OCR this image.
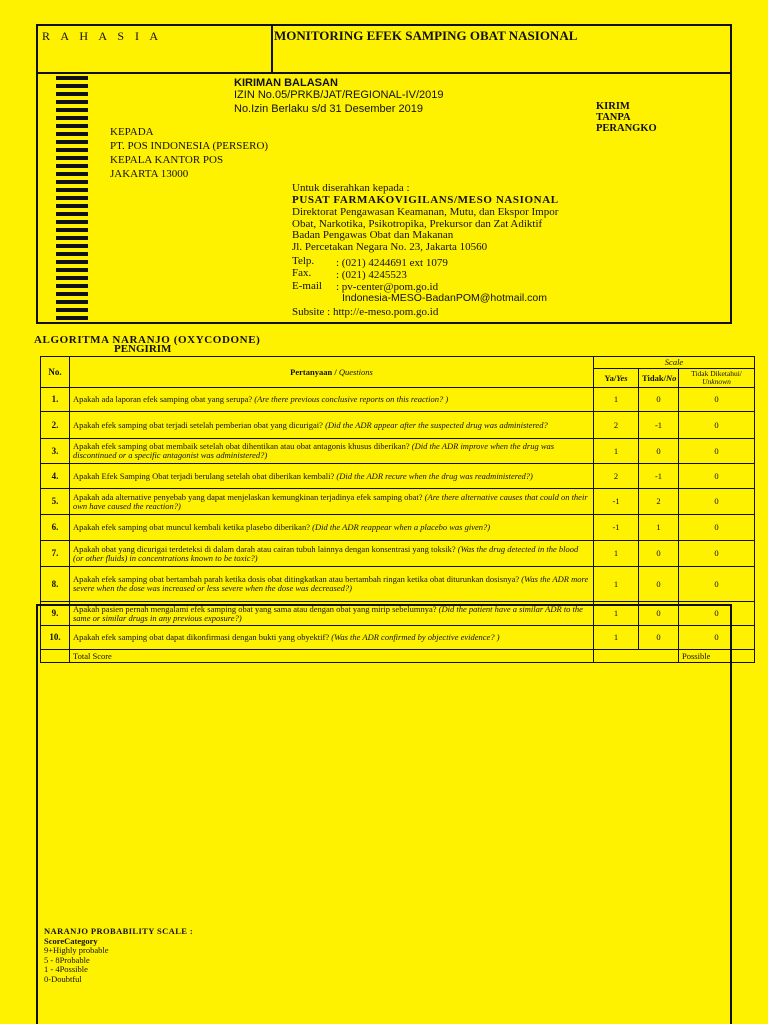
R A H A S I A	MONITORING EFEK SAMPING OBAT NASIONAL
KIRIMAN BALASAN
IZIN No.05/PRKB/JAT/REGIONAL-IV/2019
No.Izin Berlaku s/d 31 Desember 2019	KIRIM
TANPA
PERANGKO
KEPADA
PT. POS INDONESIA (PERSERO)
KEPALA KANTOR POS
JAKARTA 13000
Untuk diserahkan kepada :
PUSAT FARMAKOVIGILANS/MESO NASIONAL
Direktorat Pengawasan Keamanan, Mutu, dan Ekspor Impor
Obat, Narkotika, Psikotropika, Prekursor dan Zat Adiktif
Badan Pengawas Obat dan Makanan
Jl. Percetakan Negara No. 23, Jakarta 10560
Telp. : (021) 4244691 ext 1079
Fax. : (021) 4245523
E-mail : pv-center@pom.go.id
Indonesia-MESO-BadanPOM@hotmail.com
Subsite : http://e-meso.pom.go.id
ALGORITMA NARANJO (OXYCODONE)
PENGIRIM
No.	Pertanyaan / Questions	Scale		
		Ya/Yes	Tidak/No	Tidak Diketahui/
Unknown
1.	Apakah ada laporan efek samping obat yang serupa? (Are there previous conclusive reports on this reaction? )	1	0	0
2.	Apakah efek samping obat terjadi setelah pemberian obat yang dicurigai? (Did the ADR appear after the suspected drug was administered?	2	-1	0
3.	Apakah efek samping obat membaik setelah obat dihentikan atau obat antagonis khusus diberikan? (Did the ADR improve when the drug was discontinued or a specific antagonist was administered?)	1	0	0
4.	Apakah Efek Samping Obat terjadi berulang setelah obat diberikan kembali? (Did the ADR recure when the drug was readministered?)	2	-1	0
5.	Apakah ada alternative penyebab yang dapat menjelaskan kemungkinan terjadinya efek samping obat? (Are there alternative causes that could on their own have caused the reaction?)	-1	2	0
6.	Apakah efek samping obat muncul kembali ketika plasebo diberikan? (Did the ADR reappear when a placebo was given?)	-1	1	0
7.	Apakah obat yang dicurigai terdeteksi di dalam darah atau cairan tubuh lainnya dengan konsentrasi yang toksik? (Was the drug detected in the blood (or other fluids) in concentrations known to be toxic?)	1	0	0
8.	Apakah efek samping obat bertambah parah ketika dosis obat ditingkatkan atau bertambah ringan ketika obat diturunkan dosisnya? (Was the ADR more severe when the dose was increased or less severe when the dose was decreased?)	1	0	0
9.	Apakah pasien pernah mengalami efek samping obat yang sama atau dengan obat yang mirip sebelumnya? (Did the patient have a similar ADR to the same or similar drugs in any previous exposure?)	1	0	0
10.	Apakah efek samping obat dapat dikonfirmasi dengan bukti yang obyektif? (Was the ADR confirmed by objective evidence? )	1	0	0
	Total Score			Possible
NARANJO PROBABILITY SCALE :
ScoreCategory
9+Highly probable
5 - 8Probable
1 - 4Possible
0-Doubtful
